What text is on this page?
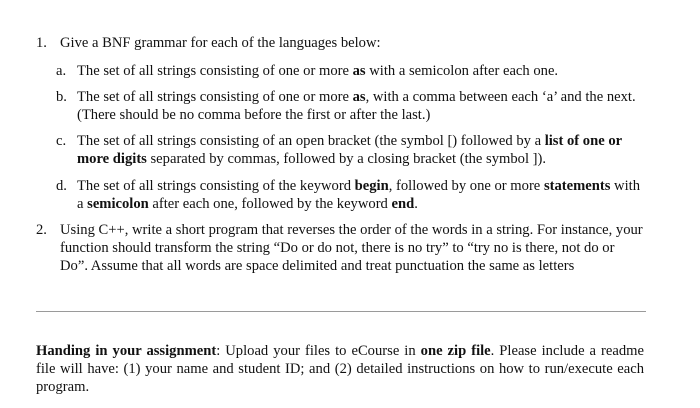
1. Give a BNF grammar for each of the languages below:
a. The set of all strings consisting of one or more as with a semicolon after each one.
b. The set of all strings consisting of one or more as, with a comma between each ‘a’ and the next. (There should be no comma before the first or after the last.)
c. The set of all strings consisting of an open bracket (the symbol [) followed by a list of one or more digits separated by commas, followed by a closing bracket (the symbol ]).
d. The set of all strings consisting of the keyword begin, followed by one or more statements with a semicolon after each one, followed by the keyword end.
2. Using C++, write a short program that reverses the order of the words in a string. For instance, your function should transform the string “Do or do not, there is no try” to “try no is there, not do or Do”. Assume that all words are space delimited and treat punctuation the same as letters
Handing in your assignment: Upload your files to eCourse in one zip file. Please include a readme file will have: (1) your name and student ID; and (2) detailed instructions on how to run/execute each program.
